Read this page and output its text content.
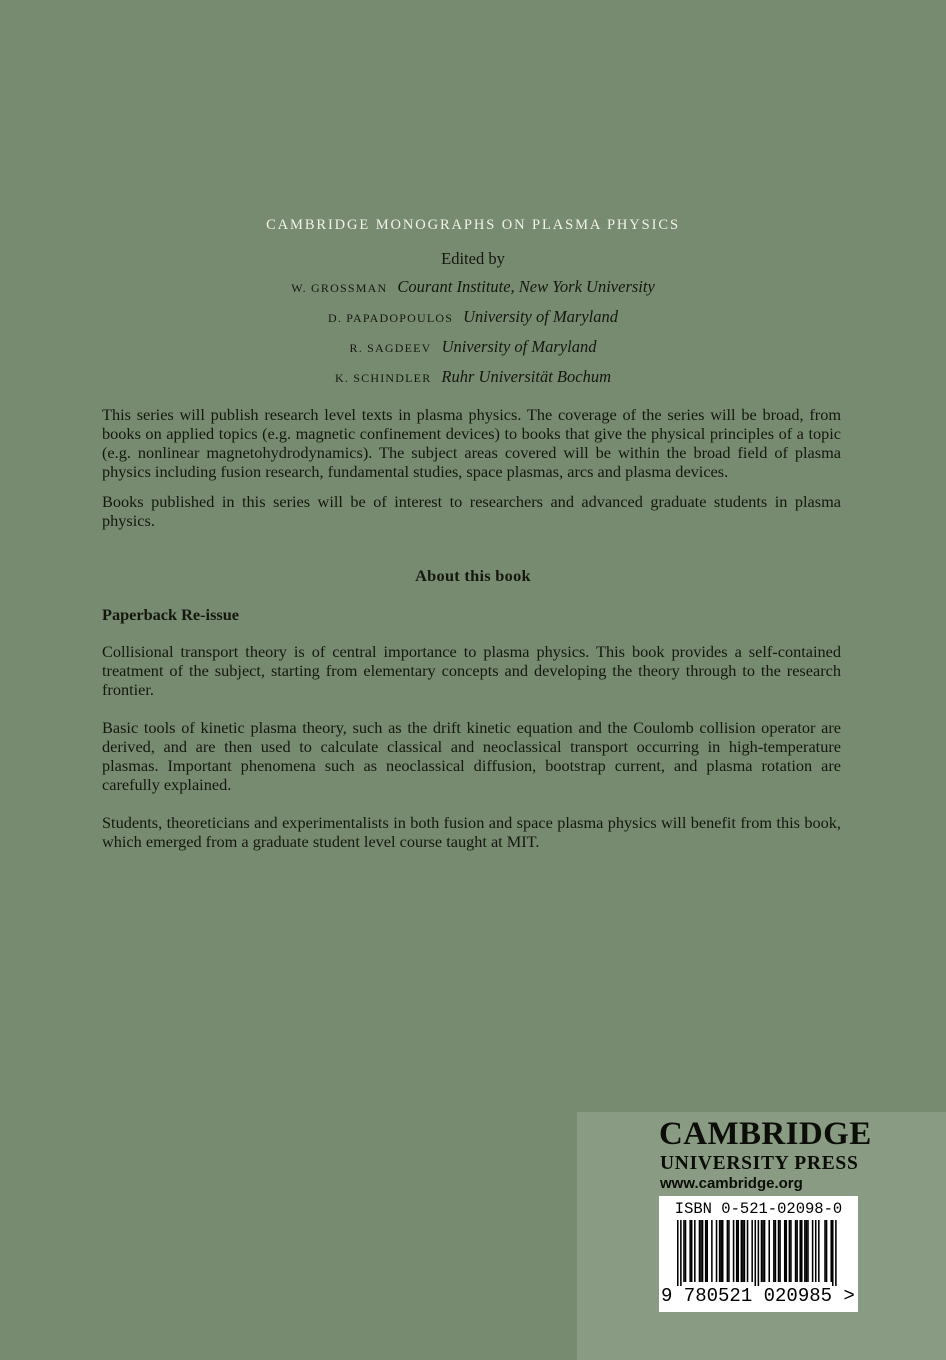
CAMBRIDGE MONOGRAPHS ON PLASMA PHYSICS
Edited by
W. GROSSMAN Courant Institute, New York University
D. PAPADOPOULOS University of Maryland
R. SAGDEEV University of Maryland
K. SCHINDLER Ruhr Universität Bochum

This series will publish research level texts in plasma physics. The coverage of the series will be broad, from books on applied topics (e.g. magnetic confinement devices) to books that give the physical principles of a topic (e.g. nonlinear magnetohydrodynamics). The subject areas covered will be within the broad field of plasma physics including fusion research, fundamental studies, space plasmas, arcs and plasma devices.

Books published in this series will be of interest to researchers and advanced graduate students in plasma physics.

About this book
Paperback Re-issue

Collisional transport theory is of central importance to plasma physics. This book provides a self-contained treatment of the subject, starting from elementary concepts and developing the theory through to the research frontier.

Basic tools of kinetic plasma theory, such as the drift kinetic equation and the Coulomb collision operator are derived, and are then used to calculate classical and neoclassical transport occurring in high-temperature plasmas. Important phenomena such as neoclassical diffusion, bootstrap current, and plasma rotation are carefully explained.

Students, theoreticians and experimentalists in both fusion and space plasma physics will benefit from this book, which emerged from a graduate student level course taught at MIT.

CAMBRIDGE
UNIVERSITY PRESS
www.cambridge.org
ISBN 0-521-02098-0
9 780521 020985 >
